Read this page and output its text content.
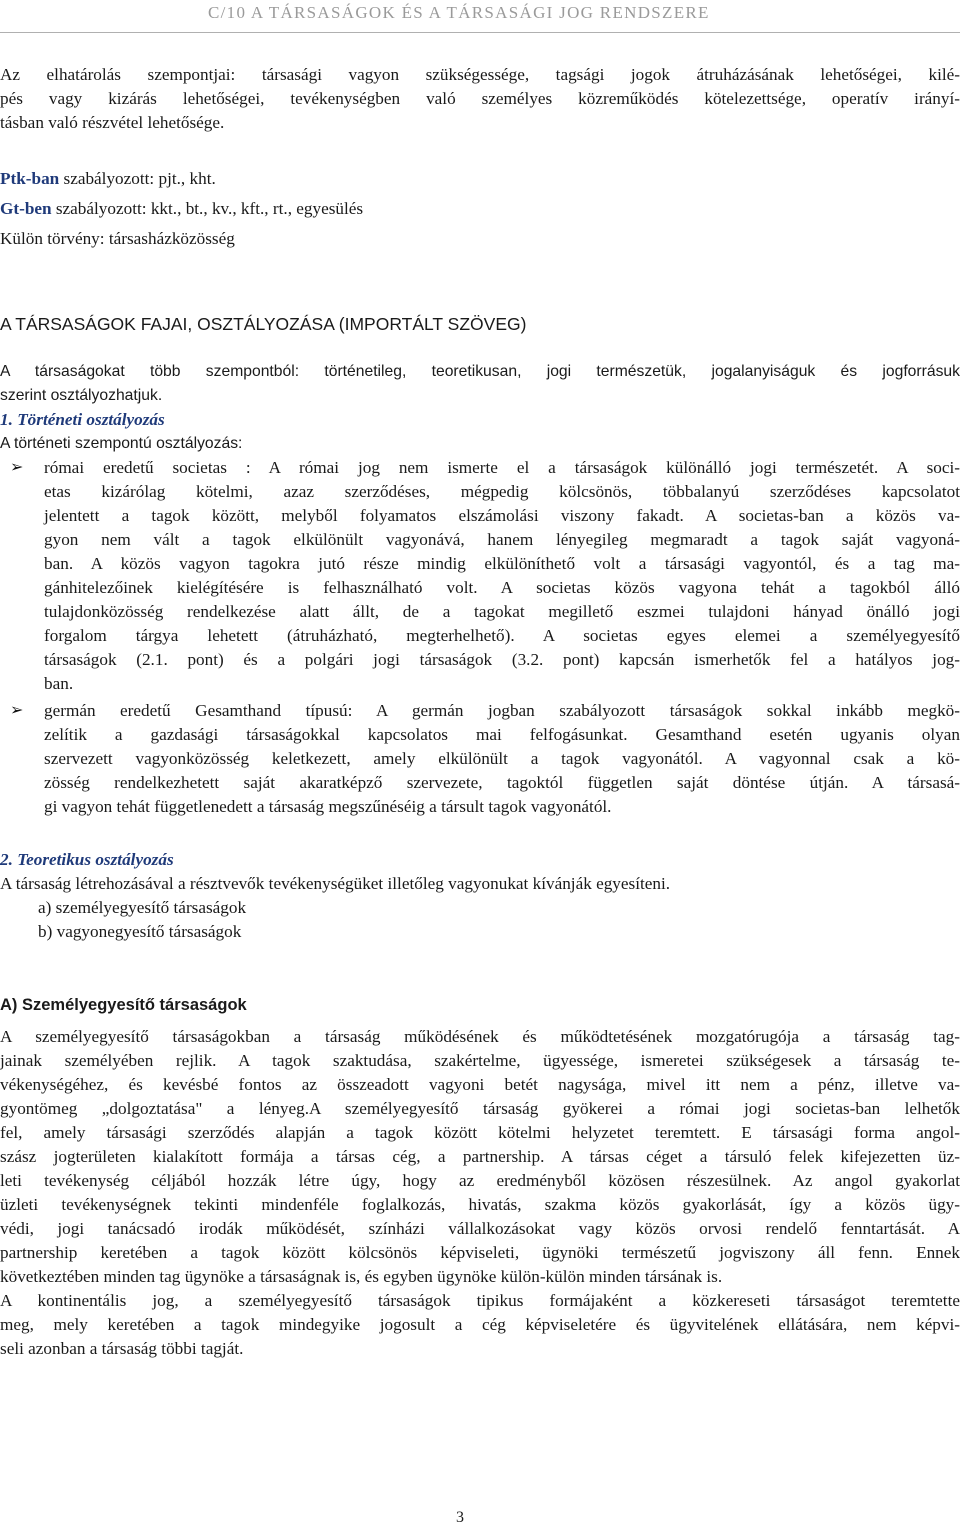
C/10 A TÁRSASÁGOK ÉS A TÁRSASÁGI JOG RENDSZERE
Az elhatárolás szempontjai: társasági vagyon szükségessége, tagsági jogok átruházásának lehetőségei, kilé-
pés vagy kizárás lehetőségei, tevékenységben való személyes közreműködés kötelezettsége, operatív irányí-
tásban való részvétel lehetősége.
Ptk-ban szabályozott: pjt., kht.
Gt-ben szabályozott: kkt., bt., kv., kft., rt., egyesülés
Külön törvény: társasházközösség
A TÁRSASÁGOK FAJAI, OSZTÁLYOZÁSA (IMPORTÁLT SZÖVEG)
A társaságokat több szempontból: történetileg, teoretikusan, jogi természetük, jogalanyiságuk és jogforrásuk
szerint osztályozhatjuk.
1. Történeti osztályozás
A történeti szempontú osztályozás:
➢	római eredetű societas : A római jog nem ismerte el a társaságok különálló jogi természetét. A soci-
etas kizárólag kötelmi, azaz szerződéses, mégpedig kölcsönös, többalanyú szerződéses kapcsolatot
jelentett a tagok között, melyből folyamatos elszámolási viszony fakadt. A societas-ban a közös va-
gyon nem vált a tagok elkülönült vagyonává, hanem lényegileg megmaradt a tagok saját vagyoná-
ban. A közös vagyon tagokra jutó része mindig elkülöníthető volt a társasági vagyontól, és a tag ma-
gánhitelezőinek kielégítésére is felhasználható volt. A societas közös vagyona tehát a tagokból álló
tulajdonközösség rendelkezése alatt állt, de a tagokat megillető eszmei tulajdoni hányad önálló jogi
forgalom tárgya lehetett (átruházható, megterhelhető). A societas egyes elemei a személyegyesítő
társaságok (2.1. pont) és a polgári jogi társaságok (3.2. pont) kapcsán ismerhetők fel a hatályos jog-
ban.
➢	germán eredetű Gesamthand típusú: A germán jogban szabályozott társaságok sokkal inkább megkö-
zelítik a gazdasági társaságokkal kapcsolatos mai felfogásunkat. Gesamthand esetén ugyanis olyan
szervezett vagyonközösség keletkezett, amely elkülönült a tagok vagyonától. A vagyonnal csak a kö-
zösség rendelkezhetett saját akaratképző szervezete, tagoktól független saját döntése útján. A társasá-
gi vagyon tehát függetlenedett a társaság megszűnéséig a társult tagok vagyonától.
2. Teoretikus osztályozás
A társaság létrehozásával a résztvevők tevékenységüket illetőleg vagyonukat kívánják egyesíteni.
a) személyegyesítő társaságok
b) vagyonegyesítő társaságok
A) Személyegyesítő társaságok
A személyegyesítő társaságokban a társaság működésének és működtetésének mozgatórugója a társaság tag-
jainak személyében rejlik. A tagok szaktudása, szakértelme, ügyessége, ismeretei szükségesek a társaság te-
vékenységéhez, és kevésbé fontos az összeadott vagyoni betét nagysága, mivel itt nem a pénz, illetve va-
gyontömeg „dolgoztatása" a lényeg.A személyegyesítő társaság gyökerei a római jogi societas-ban lelhetők
fel, amely társasági szerződés alapján a tagok között kötelmi helyzetet teremtett. E társasági forma angol-
szász jogterületen kialakított formája a társas cég, a partnership. A társas céget a társuló felek kifejezetten üz-
leti tevékenység céljából hozzák létre úgy, hogy az eredményből közösen részesülnek. Az angol gyakorlat
üzleti tevékenységnek tekinti mindenféle foglalkozás, hivatás, szakma közös gyakorlását, így a közös ügy-
védi, jogi tanácsadó irodák működését, színházi vállalkozásokat vagy közös orvosi rendelő fenntartását. A
partnership keretében a tagok között kölcsönös képviseleti, ügynöki természetű jogviszony áll fenn. Ennek
következtében minden tag ügynöke a társaságnak is, és egyben ügynöke külön-külön minden társának is.
A kontinentális jog, a személyegyesítő társaságok tipikus formájaként a közkereseti társaságot teremtette
meg, mely keretében a tagok mindegyike jogosult a cég képviseletére és ügyvitelének ellátására, nem képvi-
seli azonban a társaság többi tagját.
3
